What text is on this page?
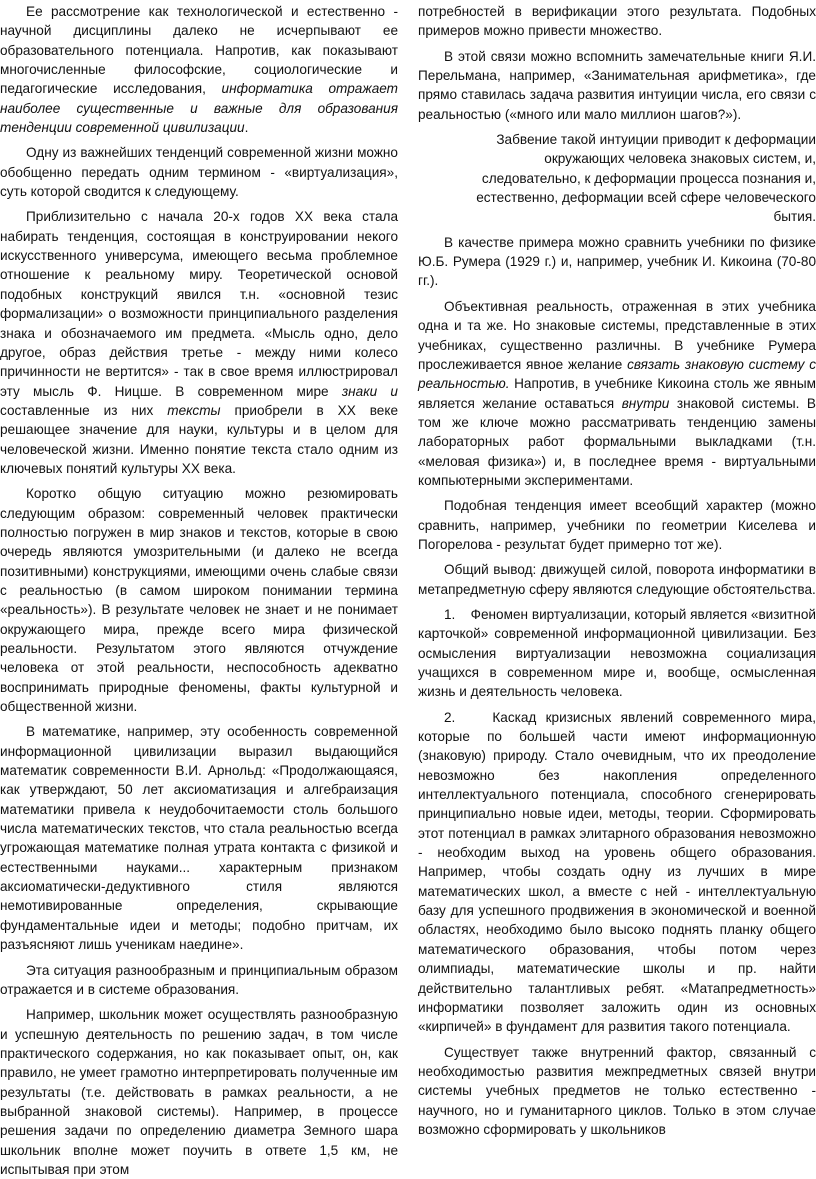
Ее рассмотрение как технологической и естественно - научной дисциплины далеко не исчерпывают ее образовательного потенциала. Напротив, как показывают многочисленные философские, социологические и педагогические исследования, информатика отражает наиболее существенные и важные для образования тенденции современной цивилизации.

Одну из важнейших тенденций современной жизни можно обобщенно передать одним термином - «виртуализация», суть которой сводится к следующему.

Приблизительно с начала 20-х годов ХХ века стала набирать тенденция, состоящая в конструировании некого искусственного универсума, имеющего весьма проблемное отношение к реальному миру. Теоретической основой подобных конструкций явился т.н. «основной тезис формализации» о возможности принципиального разделения знака и обозначаемого им предмета. «Мысль одно, дело другое, образ действия третье - между ними колесо причинности не вертится» - так в свое время иллюстрировал эту мысль Ф. Ницше. В современном мире знаки и составленные из них тексты приобрели в ХХ веке решающее значение для науки, культуры и в целом для человеческой жизни. Именно понятие текста стало одним из ключевых понятий культуры ХХ века.

Коротко общую ситуацию можно резюмировать следующим образом: современный человек практически полностью погружен в мир знаков и текстов, которые в свою очередь являются умозрительными (и далеко не всегда позитивными) конструкциями, имеющими очень слабые связи с реальностью (в самом широком понимании термина «реальность»). В результате человек не знает и не понимает окружающего мира, прежде всего мира физической реальности. Результатом этого являются отчуждение человека от этой реальности, неспособность адекватно воспринимать природные феномены, факты культурной и общественной жизни.

В математике, например, эту особенность современной информационной цивилизации выразил выдающийся математик современности В.И. Арнольд: «Продолжающаяся, как утверждают, 50 лет аксиоматизация и алгебраизация математики привела к неудобочитаемости столь большого числа математических текстов, что стала реальностью всегда угрожающая математике полная утрата контакта с физикой и естественными науками... характерным признаком аксиоматически-дедуктивного стиля являются немотивированные определения, скрывающие фундаментальные идеи и методы; подобно притчам, их разъясняют лишь ученикам наедине».

Эта ситуация разнообразным и принципиальным образом отражается и в системе образования.

Например, школьник может осуществлять разнообразную и успешную деятельность по решению задач, в том числе практического содержания, но как показывает опыт, он, как правило, не умеет грамотно интерпретировать полученные им результаты (т.е. действовать в рамках реальности, а не выбранной знаковой системы). Например, в процессе решения задачи по определению диаметра Земного шара школьник вполне может поучить в ответе 1,5 км, не испытывая при этом

потребностей в верификации этого результата. Подобных примеров можно привести множество.

В этой связи можно вспомнить замечательные книги Я.И. Перельмана, например, «Занимательная арифметика», где прямо ставилась задача развития интуиции числа, его связи с реальностью («много или мало миллион шагов?»).

Забвение такой интуиции приводит к деформации окружающих человека знаковых систем, и, следовательно, к деформации процесса познания и, естественно, деформации всей сфере человеческого бытия.

В качестве примера можно сравнить учебники по физике Ю.Б. Румера (1929 г.) и, например, учебник И. Кикоина (70-80 гг.).

Объективная реальность, отраженная в этих учебника одна и та же. Но знаковые системы, представленные в этих учебниках, существенно различны. В учебнике Румера прослеживается явное желание связать знаковую систему с реальностью. Напротив, в учебнике Кикоина столь же явным является желание оставаться внутри знаковой системы. В том же ключе можно рассматривать тенденцию замены лабораторных работ формальными выкладками (т.н. «меловая физика») и, в последнее время - виртуальными компьютерными экспериментами.

Подобная тенденция имеет всеобщий характер (можно сравнить, например, учебники по геометрии Киселева и Погорелова - результат будет примерно тот же).

Общий вывод: движущей силой, поворота информатики в метапредметную сферу являются следующие обстоятельства.

1.    Феномен виртуализации, который является «визитной карточкой» современной информационной цивилизации. Без осмысления виртуализации невозможна социализация учащихся в современном мире и, вообще, осмысленная жизнь и деятельность человека.

2.    Каскад кризисных явлений современного мира, которые по большей части имеют информационную (знаковую) природу. Стало очевидным, что их преодоление невозможно без накопления определенного интеллектуального потенциала, способного сгенерировать принципиально новые идеи, методы, теории. Сформировать этот потенциал в рамках элитарного образования невозможно - необходим выход на уровень общего образования. Например, чтобы создать одну из лучших в мире математических школ, а вместе с ней - интеллектуальную базу для успешного продвижения в экономической и военной областях, необходимо было высоко поднять планку общего математического образования, чтобы потом через олимпиады, математические школы и пр. найти действительно талантливых ребят. «Матапредметность» информатики позволяет заложить один из основных «кирпичей» в фундамент для развития такого потенциала.

Существует также внутренний фактор, связанный с необходимостью развития межпредметных связей внутри системы учебных предметов не только естественно - научного, но и гуманитарного циклов. Только в этом случае возможно сформировать у школьников
